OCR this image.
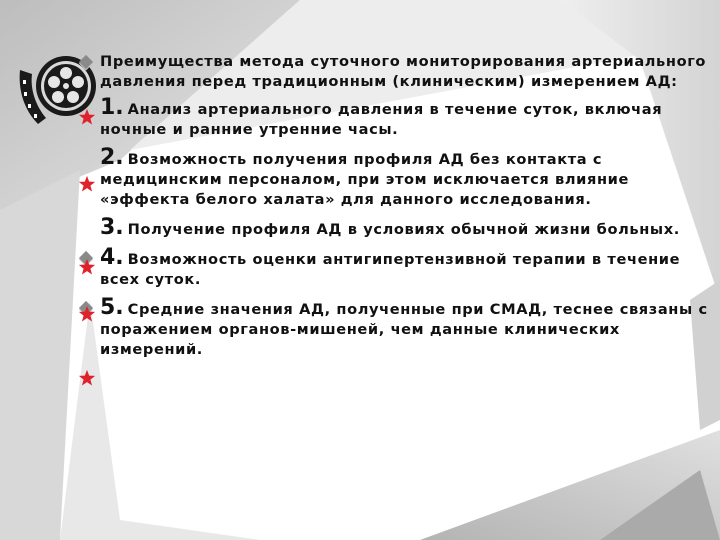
Преимущества метода суточного мониторирования артериального давления перед традиционным (клиническим) измерением АД:
1. Анализ артериального давления в течение суток, включая ночные и ранние утренние часы.
2. Возможность получения профиля АД без контакта с медицинским персоналом, при этом исключается влияние «эффекта белого халата» для данного исследования.
3. Получение профиля АД в условиях обычной жизни больных.
4. Возможность оценки антигипертензивной терапии в течение всех суток.
5. Средние значения АД, полученные при СМАД, теснее связаны с поражением органов-мишеней, чем данные клинических измерений.
